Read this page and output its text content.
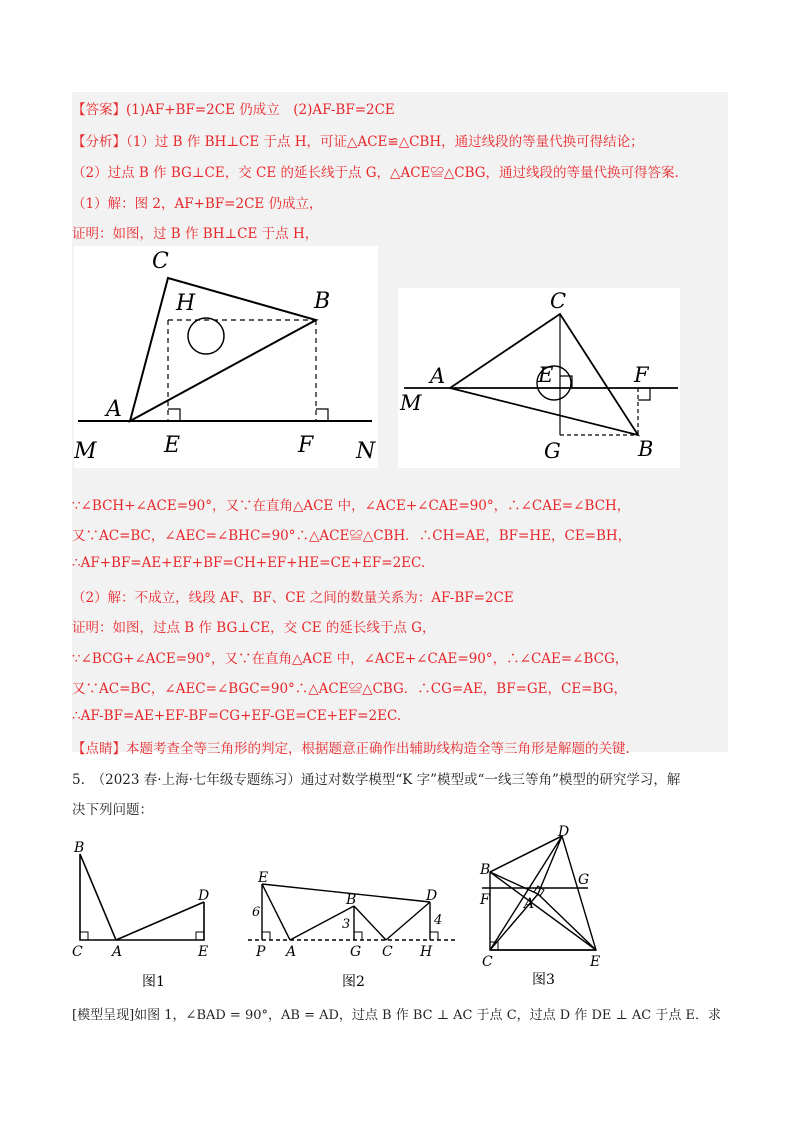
【答案】(1)AF+BF=2CE 仍成立　(2)AF-BF=2CE
【分析】（1）过 B 作 BH⊥CE 于点 H，可证△ACE≌△CBH，通过线段的等量代换可得结论；
（2）过点 B 作 BG⊥CE，交 CE 的延长线于点 G，△ACE≌△CBG，通过线段的等量代换可得答案.
（1）解：图 2，AF+BF=2CE 仍成立，
证明：如图，过 B 作 BH⊥CE 于点 H，
C
H	B
A
M	E	F N
C
A	E	F
M
G	B
∵∠BCH+∠ACE=90°，又∵在直角△ACE 中，∠ACE+∠CAE=90°，∴∠CAE=∠BCH，
又∵AC=BC，∠AEC=∠BHC=90°∴△ACE≌△CBH．∴CH=AE，BF=HE，CE=BH，
∴AF+BF=AE+EF+BF=CH+EF+HE=CE+EF=2EC.
（2）解：不成立，线段 AF、BF、CE 之间的数量关系为：AF-BF=2CE
证明：如图，过点 B 作 BG⊥CE，交 CE 的延长线于点 G，
∵∠BCG+∠ACE=90°，又∵在直角△ACE 中，∠ACE+∠CAE=90°，∴∠CAE=∠BCG，
又∵AC=BC，∠AEC=∠BGC=90°∴△ACE≌△CBG．∴CG=AE，BF=GE，CE=BG，
∴AF-BF=AE+EF-BF=CG+EF-GE=CE+EF=2EC.
【点睛】本题考查全等三角形的判定，根据题意正确作出辅助线构造全等三角形是解题的关键.
5.　（2023 春·上海·七年级专题练习）通过对数学模型“K 字”模型或“一线三等角”模型的研究学习，解
决下列问题：
B
C A	E
D
图1
E
6
P A
B
3
G C
D
4
H
图2
D
B
G
F A
C	E
图3
[模型呈现]如图 1，∠BAD = 90°，AB = AD，过点 B 作 BC ⊥ AC 于点 C，过点 D 作 DE ⊥ AC 于点 E．求
